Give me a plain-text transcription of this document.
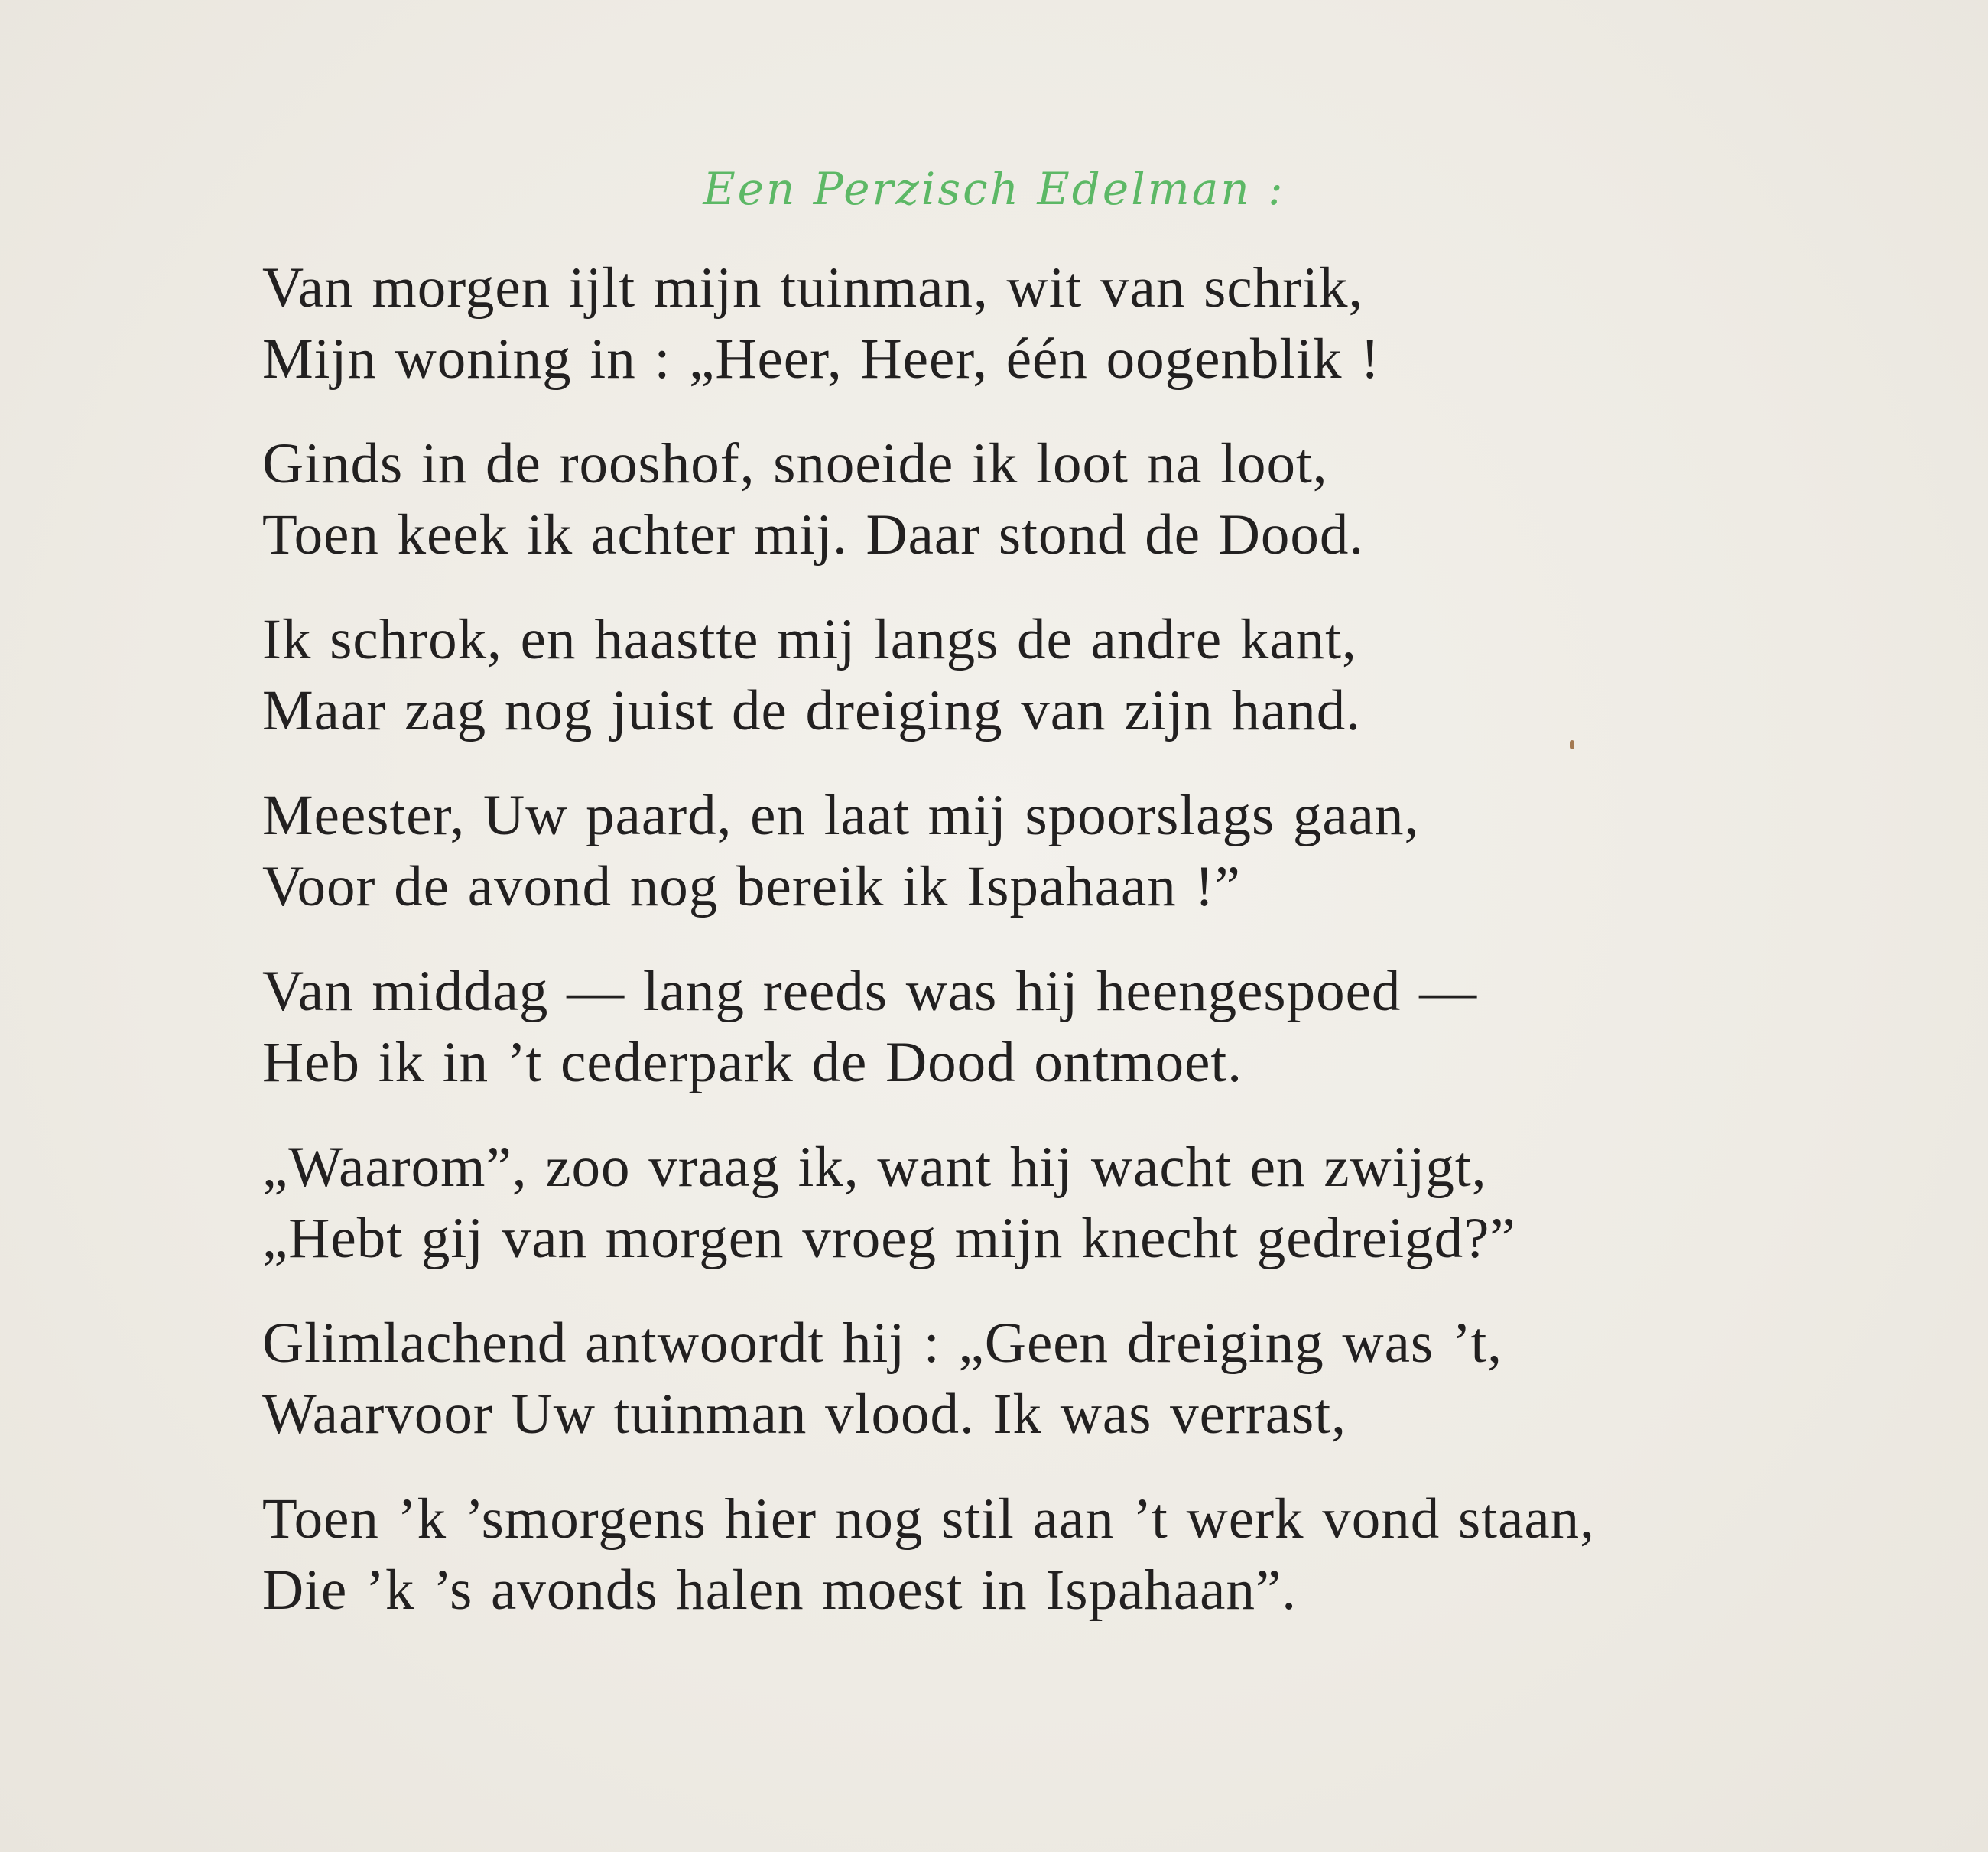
Een Perzisch Edelman :
Van morgen ijlt mijn tuinman, wit van schrik,
Mijn woning in : „Heer, Heer, één oogenblik !
Ginds in de rooshof, snoeide ik loot na loot,
Toen keek ik achter mij. Daar stond de Dood.
Ik schrok, en haastte mij langs de andre kant,
Maar zag nog juist de dreiging van zijn hand.
Meester, Uw paard, en laat mij spoorslags gaan,
Voor de avond nog bereik ik Ispahaan !”
Van middag — lang reeds was hij heengespoed —
Heb ik in ’t cederpark de Dood ontmoet.
„Waarom”, zoo vraag ik, want hij wacht en zwijgt,
„Hebt gij van morgen vroeg mijn knecht gedreigd?”
Glimlachend antwoordt hij : „Geen dreiging was ’t,
Waarvoor Uw tuinman vlood. Ik was verrast,
Toen ’k ’smorgens hier nog stil aan ’t werk vond staan,
Die ’k ’s avonds halen moest in Ispahaan”.
